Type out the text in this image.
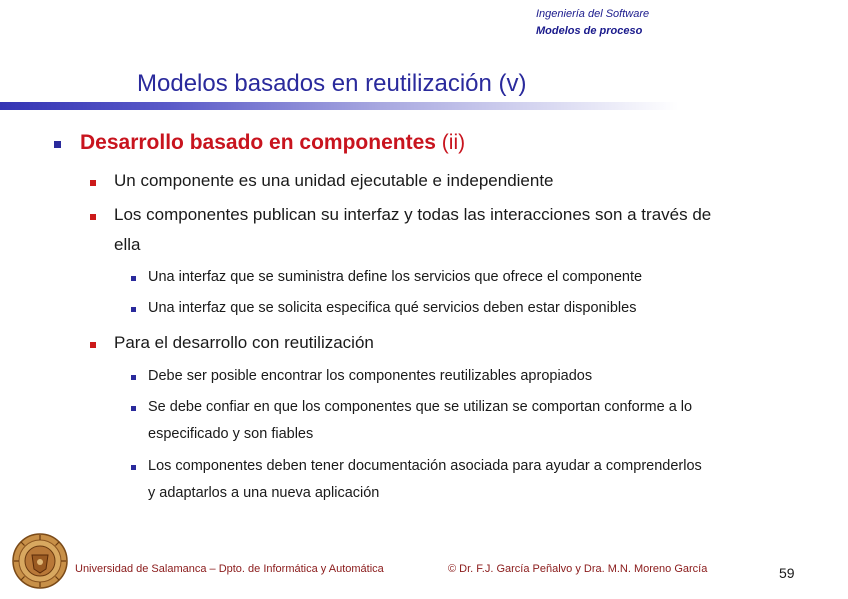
Ingeniería del Software
Modelos de proceso
Modelos basados en reutilización (v)
Desarrollo basado en componentes (ii)
Un componente es una unidad ejecutable e independiente
Los componentes publican su interfaz y todas las interacciones son a través de
ella
Una interfaz que se suministra define los servicios que ofrece el componente
Una interfaz que se solicita especifica qué servicios deben estar disponibles
Para el desarrollo con reutilización
Debe ser posible encontrar los componentes reutilizables apropiados
Se debe confiar en que los componentes que se utilizan se comportan conforme a lo
especificado y son fiables
Los componentes deben tener documentación asociada para ayudar a comprenderlos
y adaptarlos a una nueva aplicación
Universidad de Salamanca – Dpto. de Informática y Automática	© Dr. F.J. García Peñalvo y Dra. M.N. Moreno García	59
